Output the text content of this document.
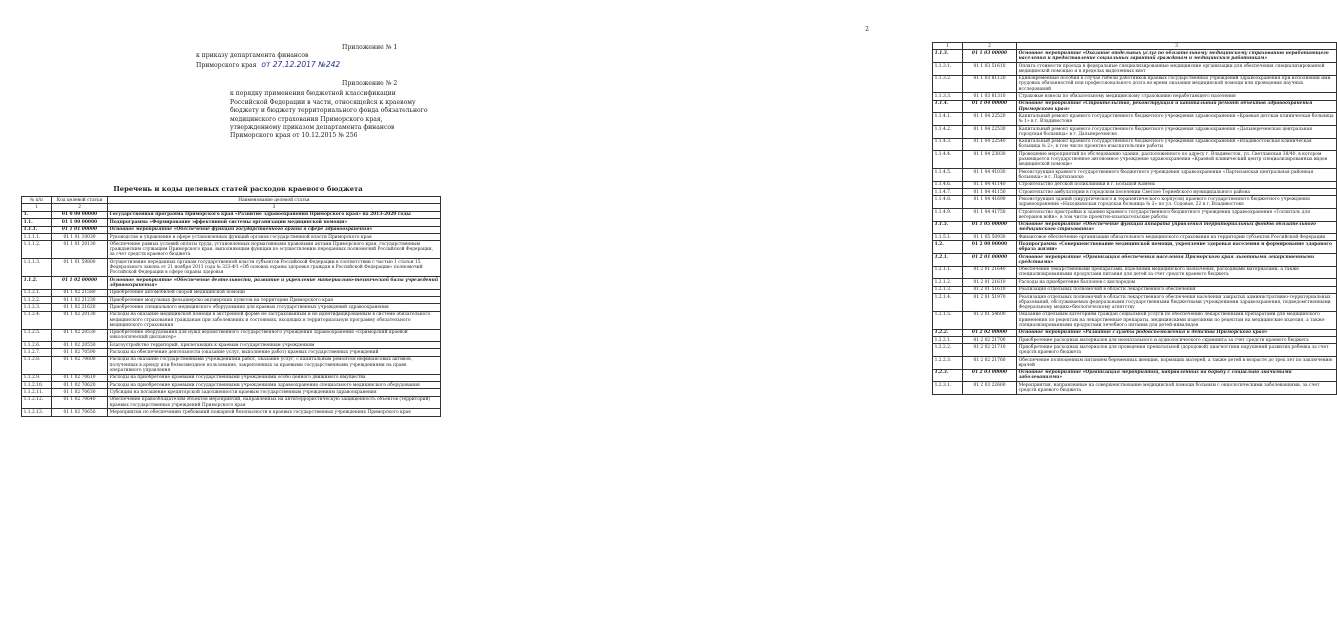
Приложение № 1
к приказу департамента финансов
Приморского края от 27.12.2017 №242
Приложение № 2
к порядку применения бюджетной классификации Российской Федерации в части, относящейся к краевому бюджету и бюджету территориального фонда обязательного медицинского страхования Приморского края, утвержденному приказом департамента финансов Приморского края от 10.12.2015 № 256
Перечень и коды целевых статей расходов краевого бюджета
№ п/п	Код целевой статьи	Наименование целевой статьи
1	2	3
1.	01 0 00 00000	Государственная программа Приморского края «Развитие здравоохранения Приморского края» на 2013-2020 годы
1.1.	01 1 00 00000	Подпрограмма «Формирование эффективной системы организации медицинской помощи»
1.1.1.	01 1 01 00000	Основное мероприятие «Обеспечение функций государственного органа в сфере здравоохранения»
1.1.1.1.	01 1 01 10030	Руководство и управление в сфере установленных функций органов государственной власти Приморского края
1.1.1.2.	01 1 01 20130	Обеспечение равных условий оплаты труда, установленных нормативными правовыми актами Приморского края, государственным гражданским служащим Приморского края, выполняющим функции по осуществлению переданных полномочий Российской Федерации, за счет средств краевого бюджета
1.1.1.3.	01 1 01 59800	Осуществление переданных органам государственной власти субъектов Российской Федерации в соответствии с частью 1 статьи 15 Федерального закона от 21 ноября 2011 года № 323-ФЗ «Об основах охраны здоровья граждан в Российской Федерации» полномочий Российской Федерации в сфере охраны здоровья
1.1.2.	01 1 02 00000	Основное мероприятие «Обеспечение деятельности, развитие и укрепление материально-технической базы учреждений здравоохранения»
1.1.2.1.	01 1 02 21580	Приобретение автомобилей скорой медицинской помощи
1.1.2.2.	01 1 02 21230	Приобретение модульных фельдшерско-акушерских пунктов на территории Приморского края
1.1.2.3.	01 1 02 21620	Приобретение специального медицинского оборудования для краевых государственных учреждений здравоохранения
1.1.2.4.	01 1 02 20130	Расходы на оказание медицинской помощи в экстренной форме не застрахованным и не идентифицированным в системе обязательного медицинского страхования гражданам при заболеваниях и состояниях, входящих в территориальную программу обязательного медицинского страхования
1.1.2.5.	01 1 02 20530	Приобретение оборудования для нужд ведомственного государственного учреждения здравоохранения «Приморский краевой онкологический диспансер»
1.1.2.6.	01 1 02 20550	Благоустройство территорий, прилегающих к краевым государственным учреждениям
1.1.2.7.	01 1 02 70590	Расходы на обеспечение деятельности (оказание услуг, выполнение работ) краевых государственных учреждений
1.1.2.8.	01 1 02 70600	Расходы на оказание государственными учреждениями работ, оказание услуг, с капитальным ремонтом нефинансовых активов, полученных в аренду или безвозмездное пользование, закрепленных за краевыми государственными учреждениями на праве оперативного управления
1.1.2.9.	01 1 02 70610	Расходы на приобретение краевыми государственными учреждениями особо ценного движимого имущества
1.1.2.10.	01 1 02 70620	Расходы на приобретение краевыми государственными учреждениями здравоохранения специального медицинского оборудования
1.1.2.11.	01 1 02 70630	Субсидии на погашение кредиторской задолженности краевым государственным учреждениям здравоохранения
1.1.2.12.	01 1 02 70640	Обеспечение правообладателям объектов мероприятий, направленных на антитеррористическую защищенность объектов (территорий) краевых государственных учреждений Приморского края
1.1.2.13.	01 1 02 70650	Мероприятия по обеспечению требований пожарной безопасности в краевых государственных учреждениях Приморского края
2
1	2	3
1.1.3.	01 1 03 00000	Основное мероприятие «Оказание отдельных услуг по обязательному медицинскому страхованию неработающего населения и предоставление социальных гарантий гражданам и медицинским работникам»
1.1.3.1.	01 1 03 51610	Оплата стоимости проезда в федеральные специализированные медицинские организации для обеспечения специализированной медицинской помощью и в пределах выделенных квот
1.1.3.2.	01 1 03 81120	Единовременные пособия в случае гибели работников краевых государственных учреждений здравоохранения при исполнении ими трудовых обязанностей или профессионального долга во время оказания медицинской помощи или проведения научных исследований
1.1.3.3.	01 1 03 81310	Страховые взносы по обязательному медицинскому страхованию неработающего населения
1.1.4.	01 1 04 00000	Основное мероприятие «Строительство, реконструкция и капитальный ремонт объектов здравоохранения Приморского края»
1.1.4.1.	01 1 04 22520	Капитальный ремонт краевого государственного бюджетного учреждения здравоохранения «Краевая детская клиническая больница № 1» в г. Владивостоке
1.1.4.2.	01 1 04 22530	Капитальный ремонт краевого государственного бюджетного учреждения здравоохранения «Дальнереченская центральная городская больница» в г. Дальнереченске
1.1.4.3.	01 1 04 22540	Капитальный ремонт краевого государственного бюджетного учреждения здравоохранения «Владивостокская клиническая больница № 2», в том числе проектно-изыскательские работы
1.1.4.4.	01 1 04 23830	Проведение мероприятий по обследованию здания, расположенного по адресу г. Владивосток, ул. Светланская 38/40, в котором размещается государственное автономное учреждение здравоохранения «Краевой клинический центр специализированных видов медицинской помощи»
1.1.4.5.	01 1 04 41030	Реконструкция краевого государственного бюджетного учреждения здравоохранения «Партизанская центральная районная больница» в г. Партизанске
1.1.4.6.	01 1 04 41140	Строительство детской поликлиники в г. Большой Камень
1.1.4.7.	01 1 04 41150	Строительство амбулатории в городском поселении Светлое Тернейского муниципального района
1.1.4.8.	01 1 04 41690	Реконструкция зданий (хирургического и терапевтического корпусов) краевого государственного бюджетного учреждения здравоохранения «Находкинская городская больница № 3» по ул. Содовая, 22 в г. Владивостоке
1.1.4.9.	01 1 04 41750	Строительство пристройки к зданию краевого государственного бюджетного учреждения здравоохранения «Госпиталь для ветеранов войн», в том числе проектно-изыскательские работы
1.1.5.	01 1 05 00000	Основное мероприятие «Обеспечение функций аппарата управления территориальных фондов обязательного медицинского страхования»
1.1.5.1.	01 1 05 50930	Финансовое обеспечение организации обязательного медицинского страхования на территории субъектов Российской Федерации
1.2.	01 2 00 00000	Подпрограмма «Совершенствование медицинской помощи, укрепление здоровья населения и формирование здорового образа жизни»
1.2.1.	01 2 01 00000	Основное мероприятие «Организация обеспечения населения Приморского края льготными лекарственными средствами»
1.2.1.1.	01 2 01 21640	Обеспечение лекарственными препаратами, изделиями медицинского назначения, расходными материалами, а также специализированными продуктами питания для детей за счет средств краевого бюджета
1.2.1.2.	01 2 01 21610	Расходы на приобретение баллонов с кислородом
1.2.1.3.	01 2 01 51610	Реализация отдельных полномочий в области лекарственного обеспечения
1.2.1.4.	01 2 01 51970	Реализация отдельных полномочий в области лекарственного обеспечения населения закрытых административно-территориальных образований, обслуживаемых федеральными государственными бюджетными учреждениями здравоохранения, подведомственными Федеральному медико-биологическому агентству
1.2.1.5.	01 2 01 54600	Оказание отдельным категориям граждан социальной услуги по обеспечению лекарственными препаратами для медицинского применения по рецептам на лекарственные препараты, медицинскими изделиями по рецептам на медицинские изделия, а также специализированными продуктами лечебного питания для детей-инвалидов
1.2.2.	01 2 02 00000	Основное мероприятие «Развитие службы родовспоможения и детства Приморского края»
1.2.2.1.	01 2 02 21700	Приобретение расходных материалов для неонатального и аудиологического скрининга за счет средств краевого бюджета
1.2.2.2.	01 2 02 21710	Приобретение расходных материалов для проведения пренатальной (дородовой) диагностики нарушений развития ребенка за счет средств краевого бюджета
1.2.2.3.	01 2 02 21760	Обеспечение полноценным питанием беременных женщин, кормящих матерей, а также детей в возрасте до трех лет по заключению врачей
1.2.3.	01 2 03 00000	Основное мероприятие «Организация мероприятий, направленных на борьбу с социально значимыми заболеваниями»
1.2.3.1.	01 2 03 22660	Мероприятия, направленные на совершенствование медицинской помощи больным с онкологическими заболеваниями, за счет средств краевого бюджета
